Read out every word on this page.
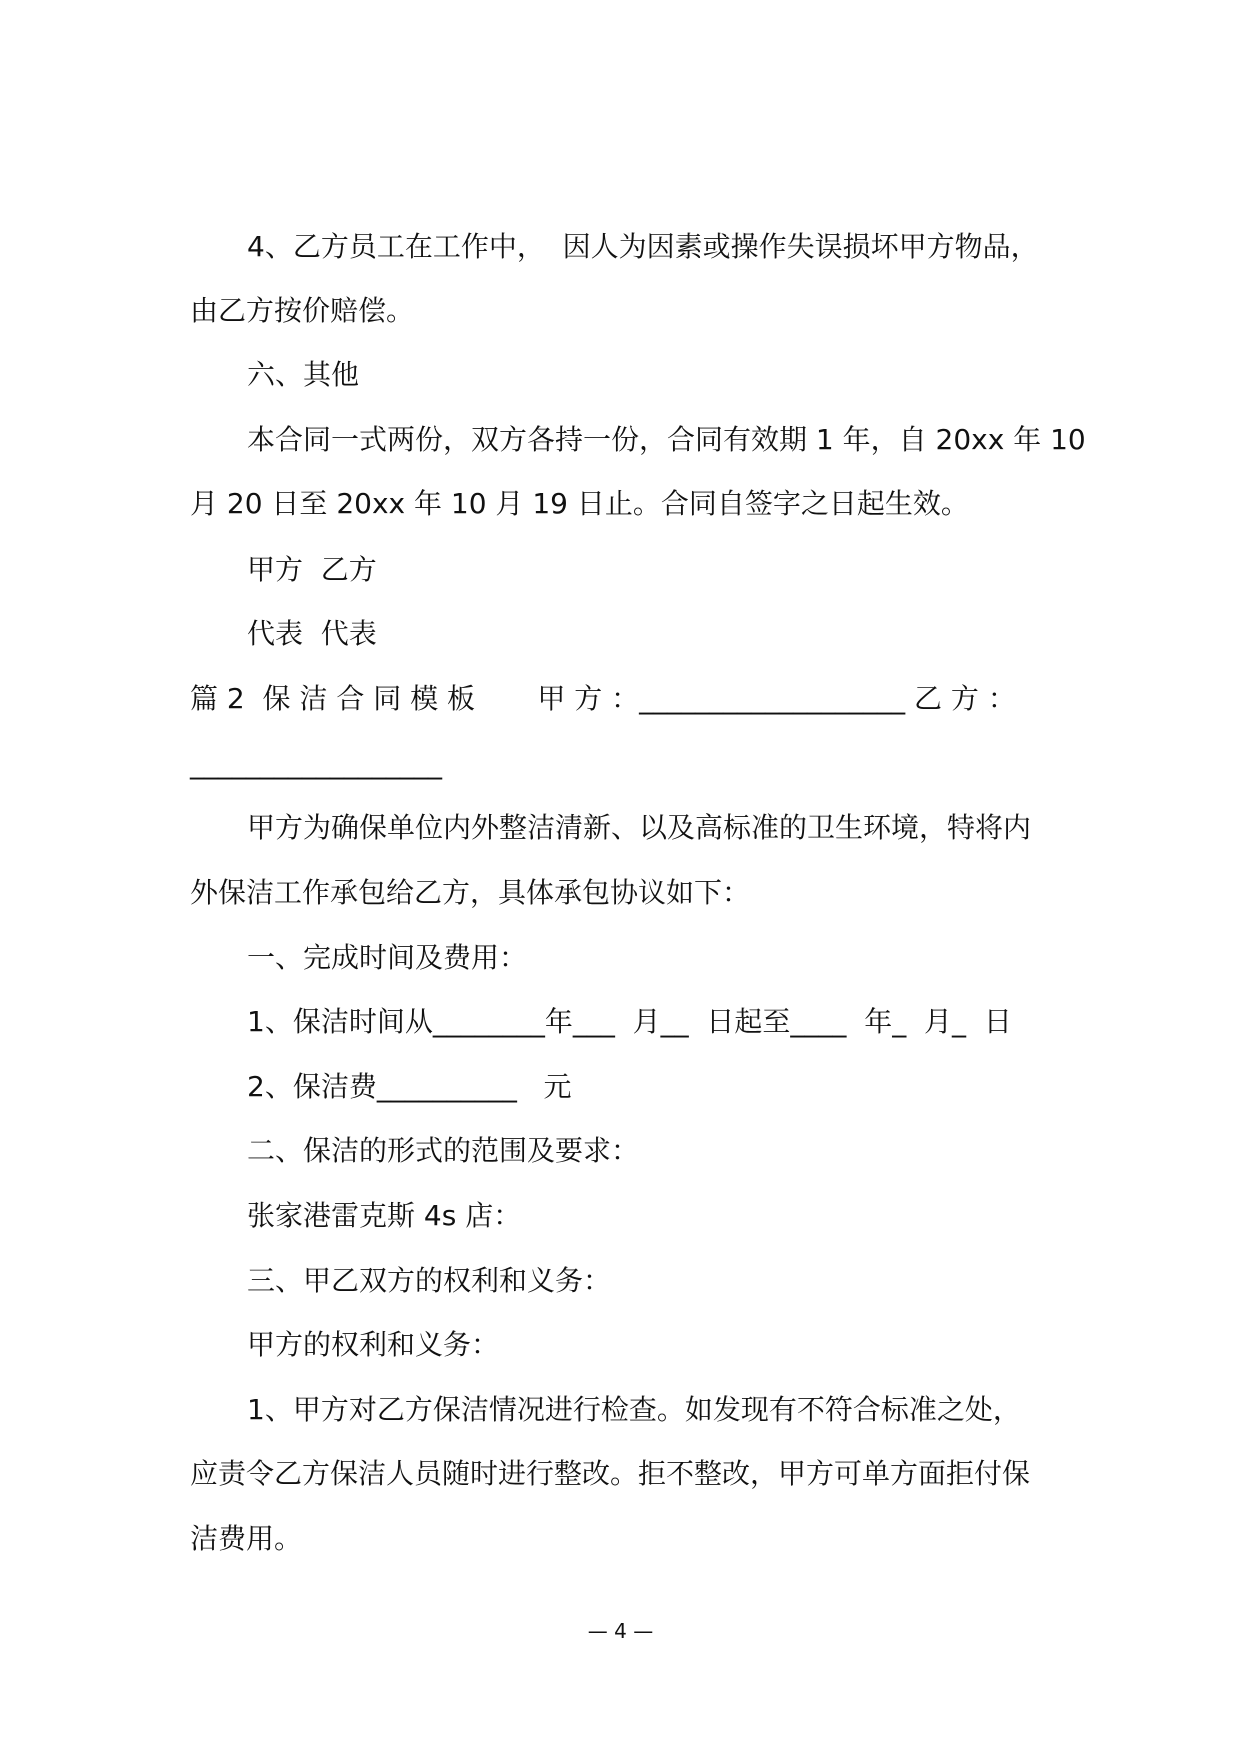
4、乙方员工在工作中，  因人为因素或操作失误损坏甲方物品，
由乙方按价赔偿。
六、其他
本合同一式两份，双方各持一份，合同有效期 1 年，自 20xx 年 10
月 20 日至 20xx 年 10 月 19 日止。合同自签字之日起生效。
甲方  乙方
代表  代表
篇 2  保 洁 合 同 模 板       甲 方 ：___________________ 乙 方 ：
__________________
甲方为确保单位内外整洁清新、以及高标准的卫生环境，特将内
外保洁工作承包给乙方，具体承包协议如下：
一、完成时间及费用：
1、保洁时间从________年___  月__  日起至____  年_  月_  日
2、保洁费__________   元
二、保洁的形式的范围及要求：
张家港雷克斯 4s 店：
三、甲乙双方的权利和义务：
甲方的权利和义务：
1、甲方对乙方保洁情况进行检查。如发现有不符合标准之处，
应责令乙方保洁人员随时进行整改。拒不整改，甲方可单方面拒付保
洁费用。
— 4 —
